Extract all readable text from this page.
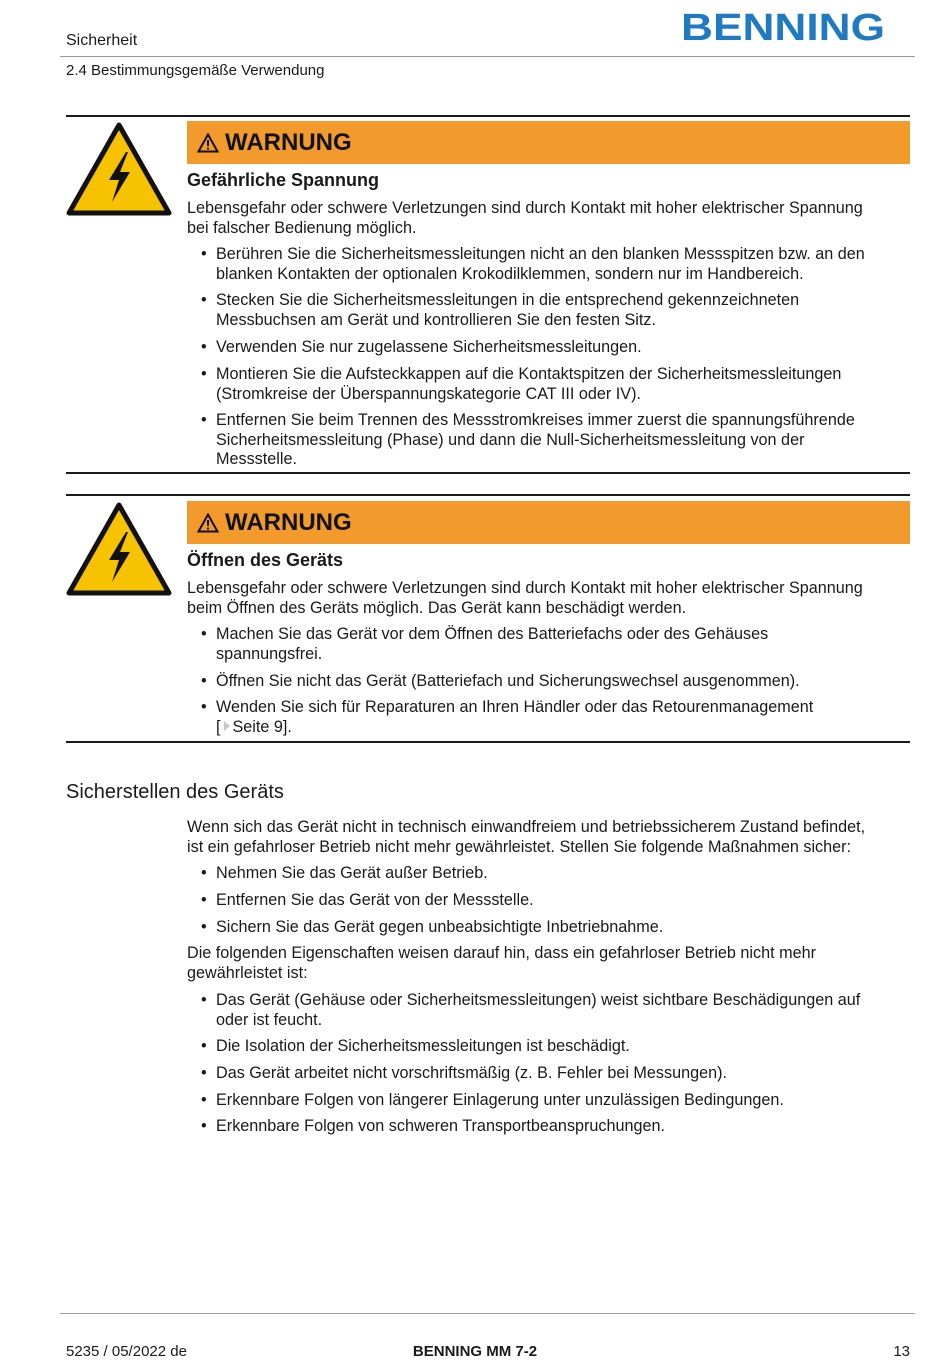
Sicherheit
2.4 Bestimmungsgemäße Verwendung
BENNING
WARNUNG
Gefährliche Spannung
Lebensgefahr oder schwere Verletzungen sind durch Kontakt mit hoher elektrischer Spannung
bei falscher Bedienung möglich.
• Berühren Sie die Sicherheitsmessleitungen nicht an den blanken Messspitzen bzw. an den
blanken Kontakten der optionalen Krokodilklemmen, sondern nur im Handbereich.
• Stecken Sie die Sicherheitsmessleitungen in die entsprechend gekennzeichneten
Messbuchsen am Gerät und kontrollieren Sie den festen Sitz.
• Verwenden Sie nur zugelassene Sicherheitsmessleitungen.
• Montieren Sie die Aufsteckkappen auf die Kontaktspitzen der Sicherheitsmessleitungen
(Stromkreise der Überspannungskategorie CAT III oder IV).
• Entfernen Sie beim Trennen des Messstromkreises immer zuerst die spannungsführende
Sicherheitsmessleitung (Phase) und dann die Null-Sicherheitsmessleitung von der
Messstelle.
WARNUNG
Öffnen des Geräts
Lebensgefahr oder schwere Verletzungen sind durch Kontakt mit hoher elektrischer Spannung
beim Öffnen des Geräts möglich. Das Gerät kann beschädigt werden.
• Machen Sie das Gerät vor dem Öffnen des Batteriefachs oder des Gehäuses
spannungsfrei.
• Öffnen Sie nicht das Gerät (Batteriefach und Sicherungswechsel ausgenommen).
• Wenden Sie sich für Reparaturen an Ihren Händler oder das Retourenmanagement
[ Seite 9].
Sicherstellen des Geräts
Wenn sich das Gerät nicht in technisch einwandfreiem und betriebssicherem Zustand befindet,
ist ein gefahrloser Betrieb nicht mehr gewährleistet. Stellen Sie folgende Maßnahmen sicher:
• Nehmen Sie das Gerät außer Betrieb.
• Entfernen Sie das Gerät von der Messstelle.
• Sichern Sie das Gerät gegen unbeabsichtigte Inbetriebnahme.
Die folgenden Eigenschaften weisen darauf hin, dass ein gefahrloser Betrieb nicht mehr
gewährleistet ist:
• Das Gerät (Gehäuse oder Sicherheitsmessleitungen) weist sichtbare Beschädigungen auf
oder ist feucht.
• Die Isolation der Sicherheitsmessleitungen ist beschädigt.
• Das Gerät arbeitet nicht vorschriftsmäßig (z. B. Fehler bei Messungen).
• Erkennbare Folgen von längerer Einlagerung unter unzulässigen Bedingungen.
• Erkennbare Folgen von schweren Transportbeanspruchungen.
5235 / 05/2022 de	BENNING MM 7-2	13
